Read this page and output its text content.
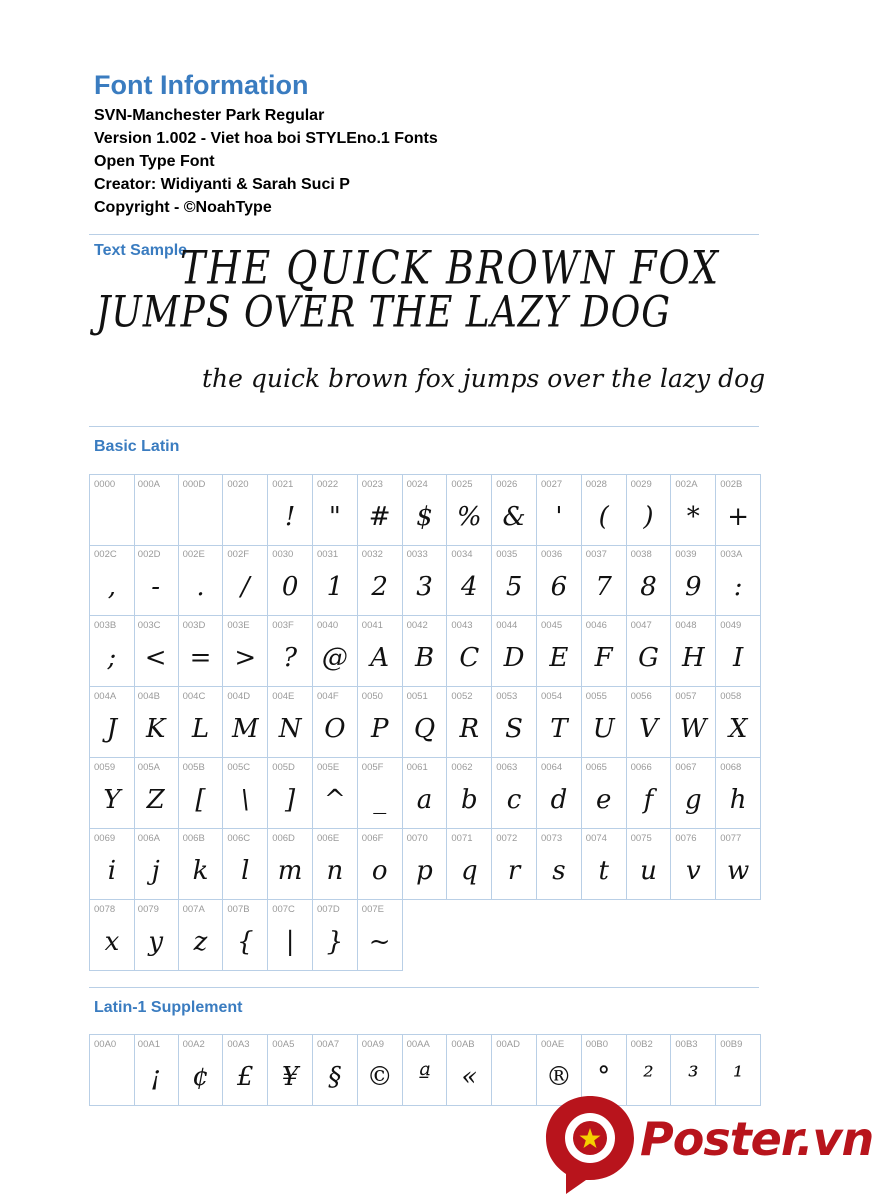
Font Information
SVN-Manchester Park Regular
Version 1.002 - Viet hoa boi STYLEno.1 Fonts
Open Type Font
Creator: Widiyanti & Sarah Suci P
Copyright - ©NoahType
Text Sample
THE QUICK BROWN FOX
JUMPS OVER THE LAZY DOG
the quick brown fox jumps over the lazy dog
Basic Latin
0000 000A 000D 0020 0021
!
0022
"
0023
#
0024
$
0025
%
0026
&
0027
'
0028
(
0029
)
002A
*
002B
+
002C
,
002D
-
002E
.
002F
/
0030
0
0031
1
0032
2
0033
3
0034
4
0035
5
0036
6
0037
7
0038
8
0039
9
003A
:
003B
;
003C
<
003D
=
003E
>
003F
?
0040
@
0041
A
0042
B
0043
C
0044
D
0045
E
0046
F
0047
G
0048
H
0049
I
004A
J
004B
K
004C
L
004D
M
004E
N
004F
O
0050
P
0051
Q
0052
R
0053
S
0054
T
0055
U
0056
V
0057
W
0058
X
0059
Y
005A
Z
005B
[
005C
\
005D
]
005E
^
005F
_
0061
a
0062
b
0063
c
0064
d
0065
e
0066
f
0067
g
0068
h
0069
i
006A
j
006B
k
006C
l
006D
m
006E
n
006F
o
0070
p
0071
q
0072
r
0073
s
0074
t
0075
u
0076
v
0077
w
0078
x
0079
y
007A
z
007B
{
007C
|
007D
}
007E
~
Latin-1 Supplement
00A0 00A1
¡
00A2
¢
00A3
£
00A5
¥
00A7
§
00A9
©
00AA
ª
00AB
«
00AD 00AE
®
00B0
°
00B2
²
00B3
³
00B9
¹
Poster.vn
